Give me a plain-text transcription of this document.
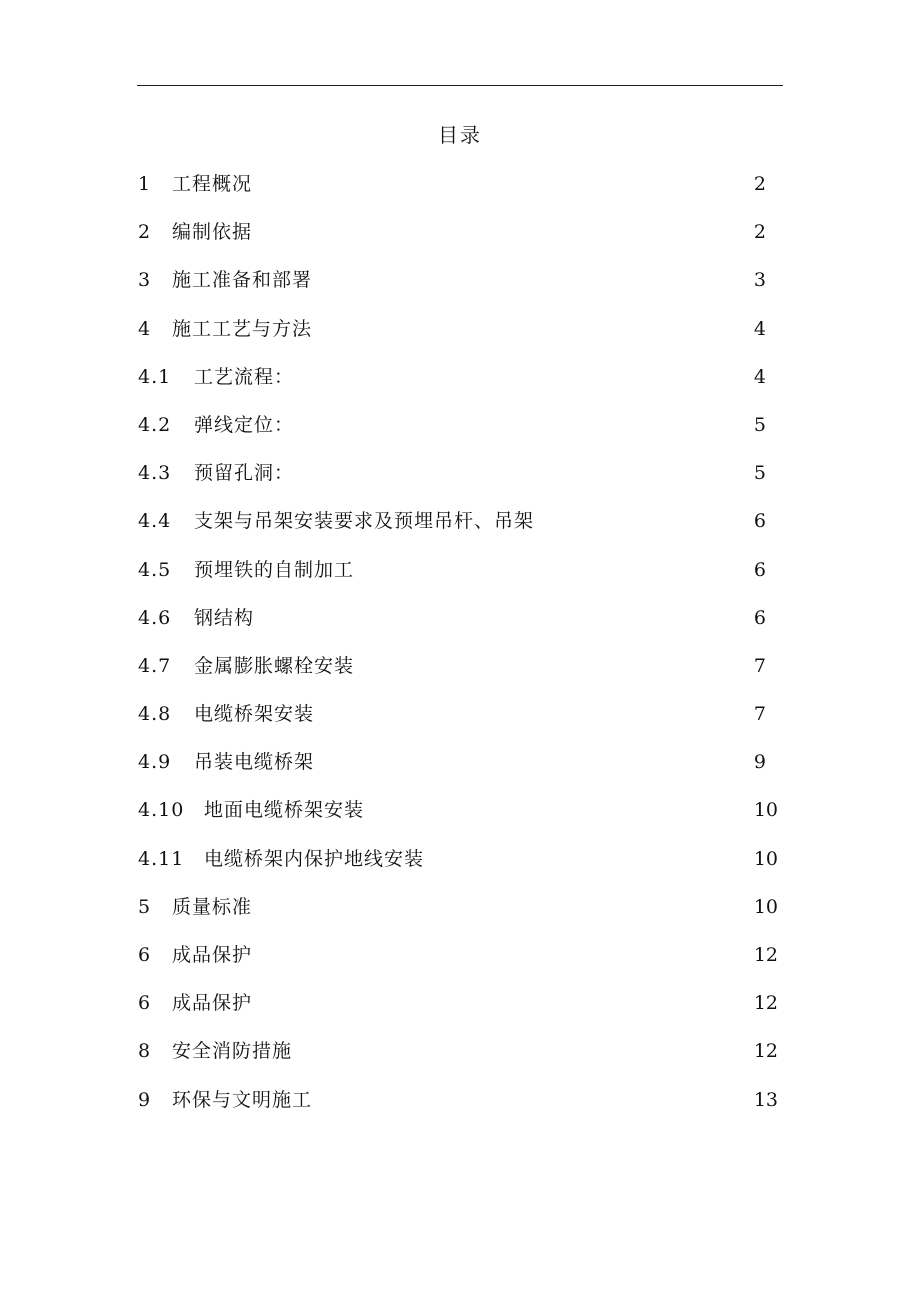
目录
1 工程概况	2
2 编制依据	2
3 施工准备和部署	3
4 施工工艺与方法	4
4.1 工艺流程：	4
4.2 弹线定位：	5
4.3 预留孔洞：	5
4.4 支架与吊架安装要求及预埋吊杆、吊架	6
4.5 预埋铁的自制加工	6
4.6 钢结构	6
4.7 金属膨胀螺栓安装	7
4.8 电缆桥架安装	7
4.9 吊装电缆桥架	9
4.10 地面电缆桥架安装	10
4.11 电缆桥架内保护地线安装	10
5 质量标准	10
6 成品保护	12
6 成品保护	12
8 安全消防措施	12
9 环保与文明施工	13
